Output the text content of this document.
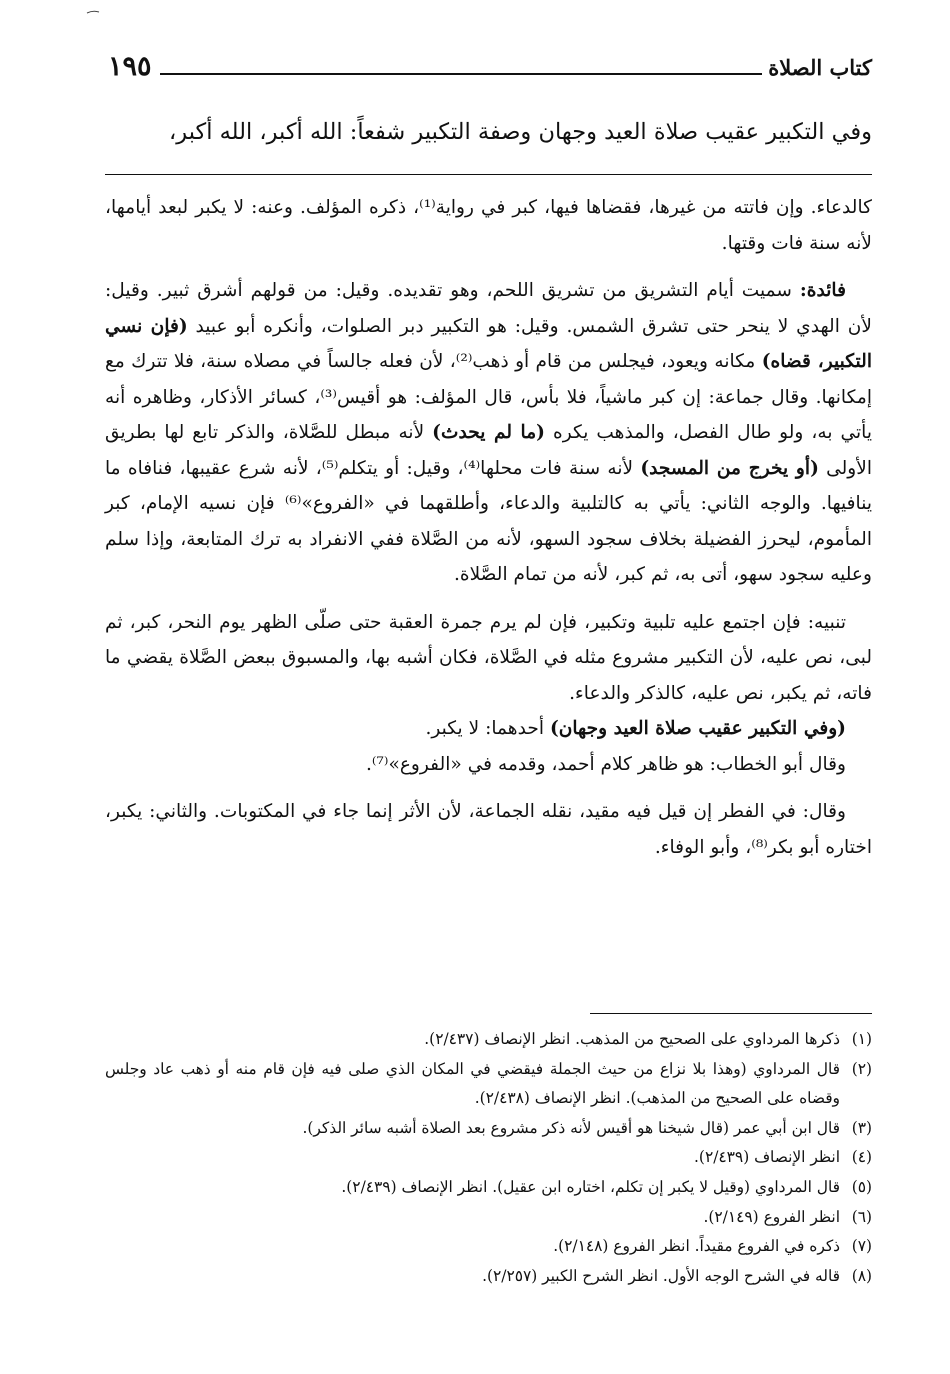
كتاب الصلاة
١٩٥
وفي التكبير عقيب صلاة العيد وجهان وصفة التكبير شفعاً: الله أكبر، الله أكبر،

كالدعاء. وإن فاتته من غيرها، فقضاها فيها، كبر في رواية⁽¹⁾، ذكره المؤلف. وعنه: لا يكبر لبعد أيامها، لأنه سنة فات وقتها.

فائدة: سميت أيام التشريق من تشريق اللحم، وهو تقديده. وقيل: من قولهم أشرق ثبير. وقيل: لأن الهدي لا ينحر حتى تشرق الشمس. وقيل: هو التكبير دبر الصلوات، وأنكره أبو عبيد (فإن نسي التكبير، قضاه) مكانه ويعود، فيجلس من قام أو ذهب⁽²⁾، لأن فعله جالساً في مصلاه سنة، فلا تترك مع إمكانها. وقال جماعة: إن كبر ماشياً، فلا بأس، قال المؤلف: هو أقيس⁽³⁾، كسائر الأذكار، وظاهره أنه يأتي به، ولو طال الفصل، والمذهب يكره (ما لم يحدث) لأنه مبطل للصَّلاة، والذكر تابع لها بطريق الأولى (أو يخرج من المسجد) لأنه سنة فات محلها⁽⁴⁾، وقيل: أو يتكلم⁽⁵⁾، لأنه شرع عقيبها، فنافاه ما ينافيها. والوجه الثاني: يأتي به كالتلبية والدعاء، وأطلقهما في «الفروع»⁽⁶⁾ فإن نسيه الإمام، كبر المأموم، ليحرز الفضيلة بخلاف سجود السهو، لأنه من الصَّلاة ففي الانفراد به ترك المتابعة، وإذا سلم وعليه سجود سهو، أتى به، ثم كبر، لأنه من تمام الصَّلاة.

تنبيه: فإن اجتمع عليه تلبية وتكبير، فإن لم يرم جمرة العقبة حتى صلّى الظهر يوم النحر، كبر، ثم لبى، نص عليه، لأن التكبير مشروع مثله في الصَّلاة، فكان أشبه بها، والمسبوق ببعض الصَّلاة يقضي ما فاته، ثم يكبر، نص عليه، كالذكر والدعاء.

(وفي التكبير عقيب صلاة العيد وجهان) أحدهما: لا يكبر.

وقال أبو الخطاب: هو ظاهر كلام أحمد، وقدمه في «الفروع»⁽⁷⁾.

وقال: في الفطر إن قيل فيه مقيد، نقله الجماعة، لأن الأثر إنما جاء في المكتوبات. والثاني: يكبر، اختاره أبو بكر⁽⁸⁾، وأبو الوفاء.

(١)
ذكرها المرداوي على الصحيح من المذهب. انظر الإنصاف (٢/٤٣٧).
(٢)
قال المرداوي (وهذا بلا نزاع من حيث الجملة فيقضي في المكان الذي صلى فيه فإن قام منه أو ذهب عاد وجلس وقضاه على الصحيح من المذهب). انظر الإنصاف (٢/٤٣٨).
(٣)
قال ابن أبي عمر (قال شيخنا هو أقيس لأنه ذكر مشروع بعد الصلاة أشبه سائر الذكر).
(٤)
انظر الإنصاف (٢/٤٣٩).
(٥)
قال المرداوي (وقيل لا يكبر إن تكلم، اختاره ابن عقيل). انظر الإنصاف (٢/٤٣٩).
(٦)
انظر الفروع (٢/١٤٩).
(٧)
ذكره في الفروع مقيداً. انظر الفروع (٢/١٤٨).
(٨)
قاله في الشرح الوجه الأول. انظر الشرح الكبير (٢/٢٥٧).
